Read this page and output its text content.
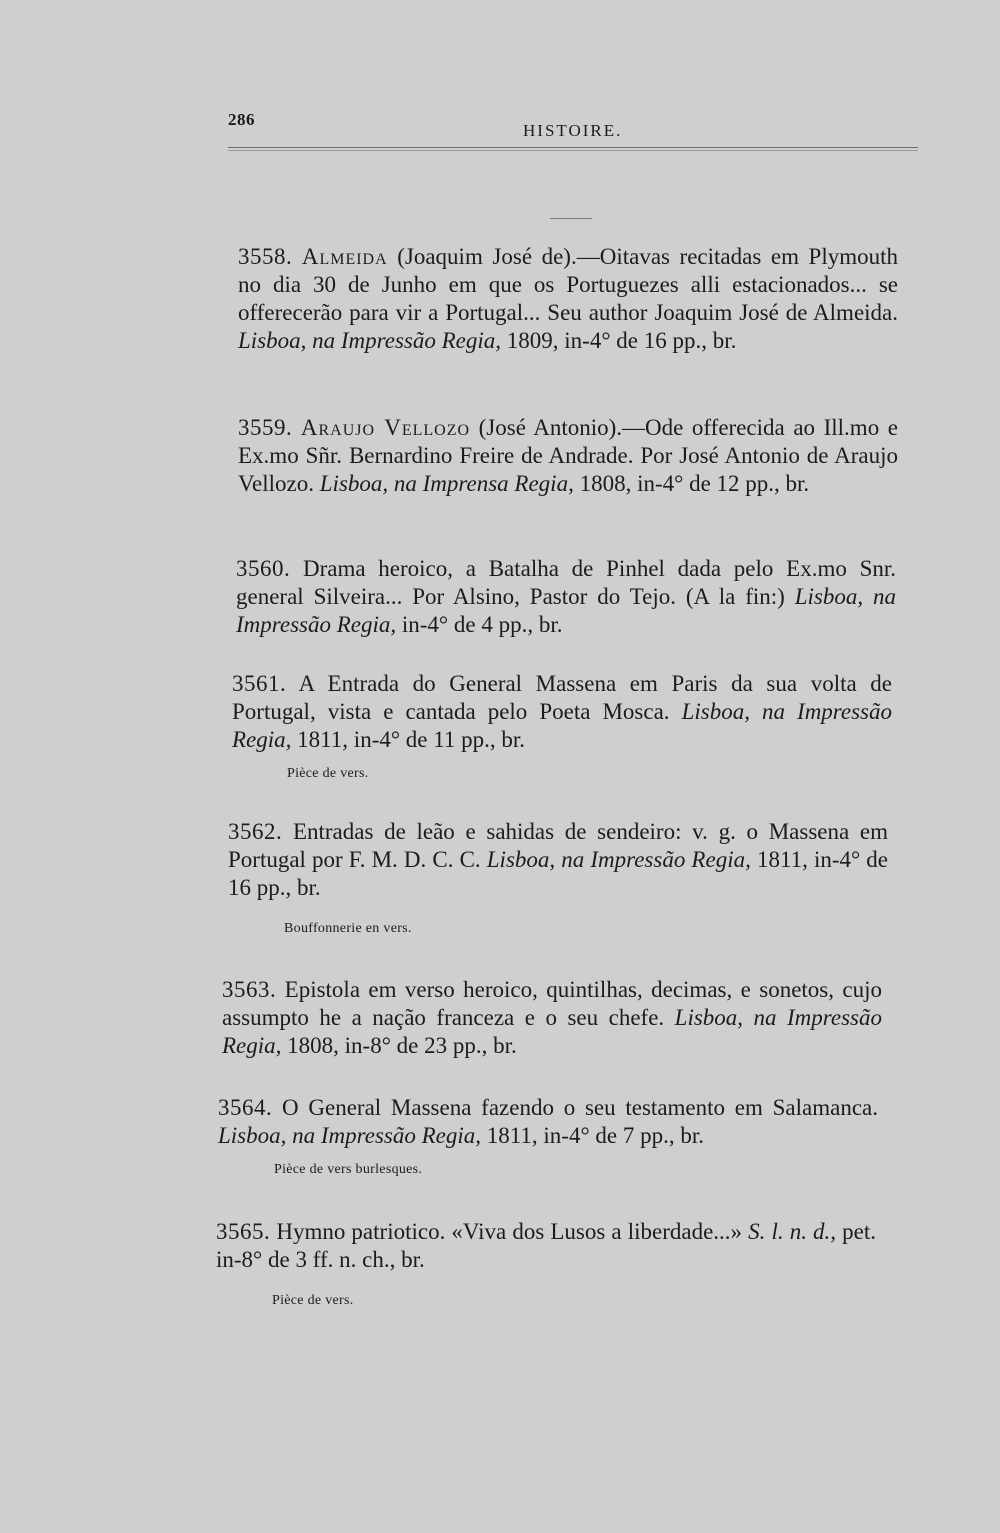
286
HISTOIRE.

3558. Almeida (Joaquim José de).—Oitavas recitadas em Plymouth no dia 30 de Junho em que os Portuguezes alli estacionados... se offerecerão para vir a Portugal... Seu author Joaquim José de Almeida. Lisboa, na Impressão Regia, 1809, in-4° de 16 pp., br.

3559. Araujo Vellozo (José Antonio).—Ode offerecida ao Ill.mo e Ex.mo Sñr. Bernardino Freire de Andrade. Por José Antonio de Araujo Vellozo. Lisboa, na Imprensa Regia, 1808, in-4° de 12 pp., br.

3560. Drama heroico, a Batalha de Pinhel dada pelo Ex.mo Snr. general Silveira... Por Alsino, Pastor do Tejo. (A la fin:) Lisboa, na Impressão Regia, in-4° de 4 pp., br.

3561. A Entrada do General Massena em Paris da sua volta de Portugal, vista e cantada pelo Poeta Mosca. Lisboa, na Impressão Regia, 1811, in-4° de 11 pp., br.

Pièce de vers.

3562. Entradas de leão e sahidas de sendeiro: v. g. o Massena em Portugal por F. M. D. C. C. Lisboa, na Impressão Regia, 1811, in-4° de 16 pp., br.

Bouffonnerie en vers.

3563. Epistola em verso heroico, quintilhas, decimas, e sonetos, cujo assumpto he a nação franceza e o seu chefe. Lisboa, na Impressão Regia, 1808, in-8° de 23 pp., br.

3564. O General Massena fazendo o seu testamento em Salamanca. Lisboa, na Impressão Regia, 1811, in-4° de 7 pp., br.

Pièce de vers burlesques.

3565. Hymno patriotico. «Viva dos Lusos a liberdade...» S. l. n. d., pet. in-8° de 3 ff. n. ch., br.

Pièce de vers.
